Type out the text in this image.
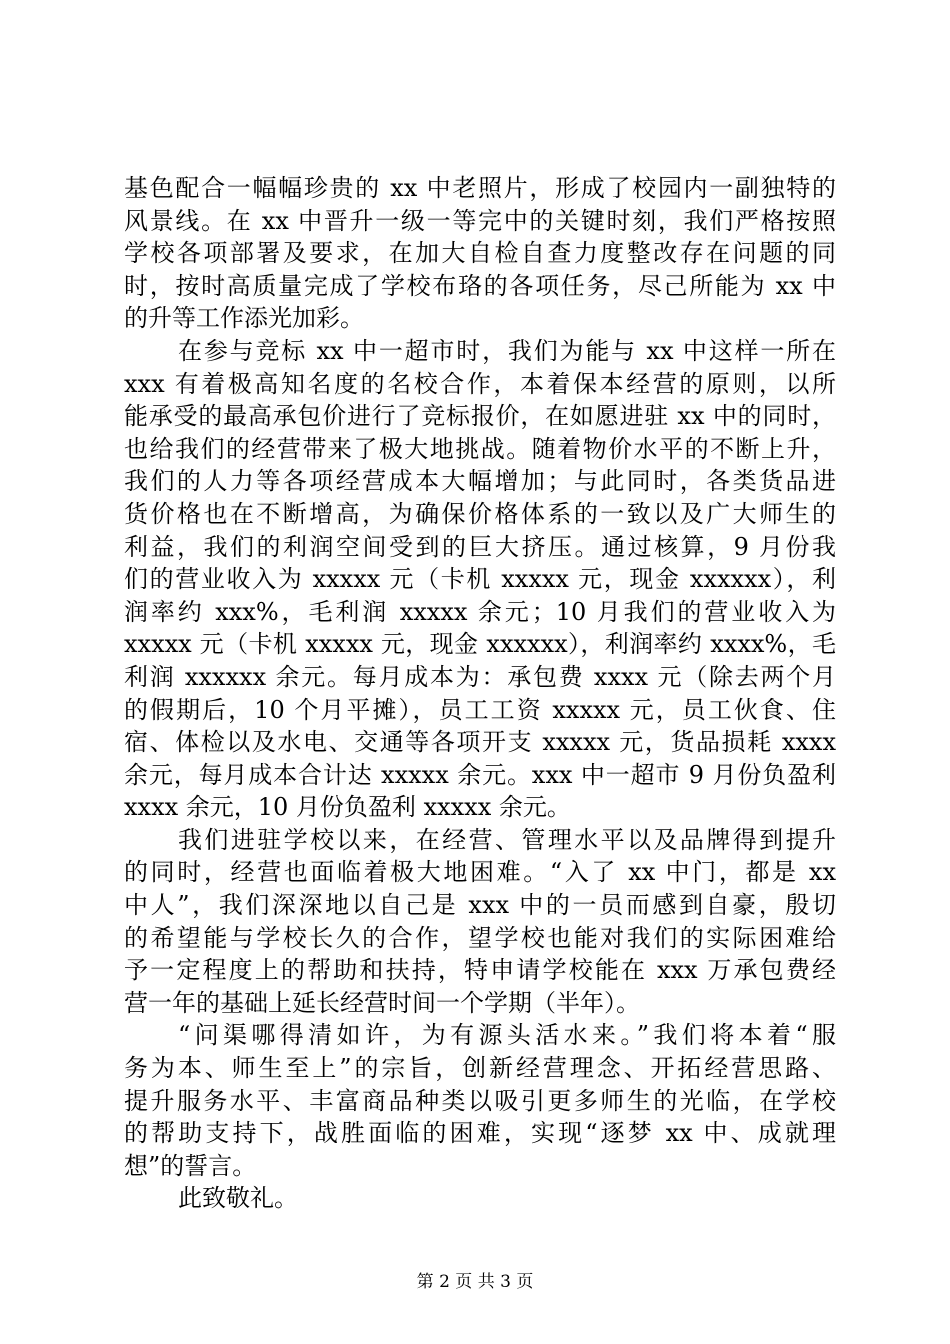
基色配合一幅幅珍贵的 xx 中老照片，形成了校园内一副独特的
风景线。在 xx 中晋升一级一等完中的关键时刻，我们严格按照
学校各项部署及要求，在加大自检自查力度整改存在问题的同
时，按时高质量完成了学校布珞的各项任务，尽己所能为 xx 中
的升等工作添光加彩。
在参与竞标 xx 中一超市时，我们为能与 xx 中这样一所在
xxx 有着极高知名度的名校合作，本着保本经营的原则，以所
能承受的最高承包价进行了竞标报价，在如愿进驻 xx 中的同时，
也给我们的经营带来了极大地挑战。随着物价水平的不断上升，
我们的人力等各项经营成本大幅增加；与此同时，各类货品进
货价格也在不断增高，为确保价格体系的一致以及广大师生的
利益，我们的利润空间受到的巨大挤压。通过核算，9 月份我
们的营业收入为 xxxxx 元（卡机 xxxxx 元，现金 xxxxxx），利
润率约 xxx%，毛利润 xxxxx 余元；10 月我们的营业收入为
xxxxx 元（卡机 xxxxx 元，现金 xxxxxx），利润率约 xxxx%，毛
利润 xxxxxx 余元。每月成本为：承包费 xxxx 元（除去两个月
的假期后，10 个月平摊），员工工资 xxxxx 元，员工伙食、住
宿、体检以及水电、交通等各项开支 xxxxx 元，货品损耗 xxxx
余元，每月成本合计达 xxxxx 余元。xxx 中一超市 9 月份负盈利
xxxx 余元，10 月份负盈利 xxxxx 余元。
我们进驻学校以来，在经营、管理水平以及品牌得到提升
的同时，经营也面临着极大地困难。“入了 xx 中门，都是 xx
中人”，我们深深地以自己是 xxx 中的一员而感到自豪，殷切
的希望能与学校长久的合作，望学校也能对我们的实际困难给
予一定程度上的帮助和扶持，特申请学校能在 xxx 万承包费经
营一年的基础上延长经营时间一个学期（半年）。
“问渠哪得清如许，为有源头活水来。”我们将本着“服
务为本、师生至上”的宗旨，创新经营理念、开拓经营思路、
提升服务水平、丰富商品种类以吸引更多师生的光临，在学校
的帮助支持下，战胜面临的困难，实现“逐梦 xx 中、成就理
想”的誓言。
此致敬礼。
第 2 页 共 3 页
